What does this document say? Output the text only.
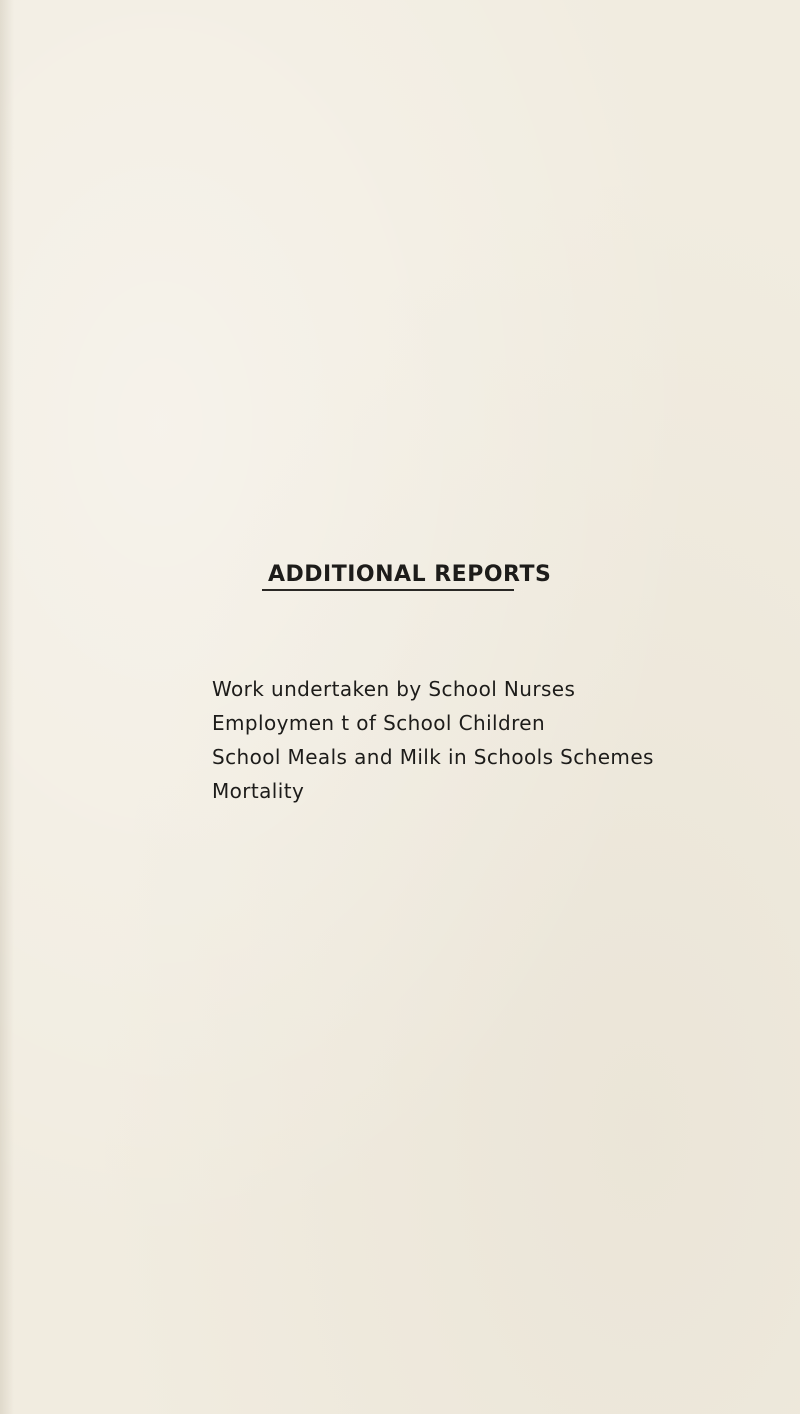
ADDITIONAL REPORTS
Work undertaken by School Nurses
Employmen t of School Children
School Meals and Milk in Schools Schemes
Mortality
